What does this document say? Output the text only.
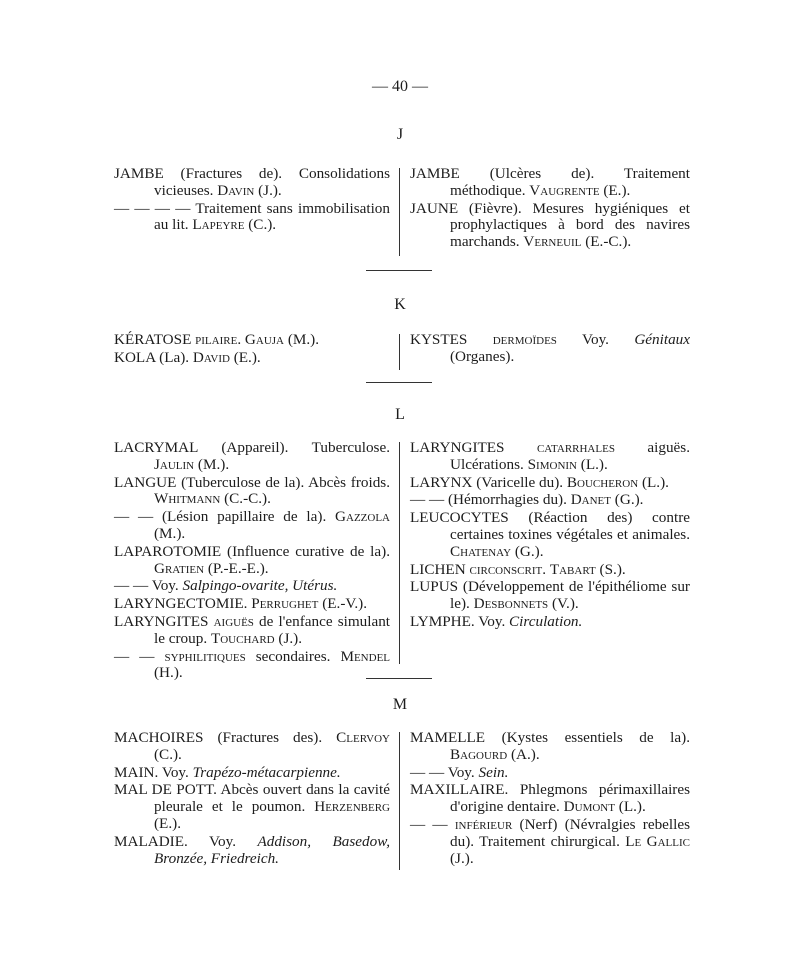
— 40 —
J

JAMBE (Fractures de). Consolidations vicieuses. Davin (J.).

— — — — Traitement sans immobilisation au lit. Lapeyre (C.).

JAMBE (Ulcères de). Traitement méthodique. Vaugrente (E.).

JAUNE (Fièvre). Mesures hygiéniques et prophylactiques à bord des navires marchands. Verneuil (E.-C.).

K

KÉRATOSE pilaire. Gauja (M.).

KOLA (La). David (E.).

KYSTES dermoïdes Voy. Génitaux (Organes).

L

LACRYMAL (Appareil). Tuberculose. Jaulin (M.).

LANGUE (Tuberculose de la). Abcès froids. Whitmann (C.-C.).

— — (Lésion papillaire de la). Gazzola (M.).

LAPAROTOMIE (Influence curative de la). Gratien (P.-E.-E.).

— — Voy. Salpingo-ovarite, Utérus.

LARYNGECTOMIE. Perrughet (E.-V.).

LARYNGITES aiguës de l'enfance simulant le croup. Touchard (J.).

— — syphilitiques secondaires. Mendel (H.).

LARYNGITES catarrhales aiguës. Ulcérations. Simonin (L.).

LARYNX (Varicelle du). Boucheron (L.).

— — (Hémorrhagies du). Danet (G.).

LEUCOCYTES (Réaction des) contre certaines toxines végétales et animales. Chatenay (G.).

LICHEN circonscrit. Tabart (S.).

LUPUS (Développement de l'épithéliome sur le). Desbonnets (V.).

LYMPHE. Voy. Circulation.

M

MACHOIRES (Fractures des). Clervoy (C.).

MAIN. Voy. Trapézo-métacarpienne.

MAL DE POTT. Abcès ouvert dans la cavité pleurale et le poumon. Herzenberg (E.).

MALADIE. Voy. Addison, Basedow, Bronzée, Friedreich.

MAMELLE (Kystes essentiels de la). Bagourd (A.).

— — Voy. Sein.

MAXILLAIRE. Phlegmons périmaxillaires d'origine dentaire. Dumont (L.).

— — inférieur (Nerf) (Névralgies rebelles du). Traitement chirurgical. Le Gallic (J.).
